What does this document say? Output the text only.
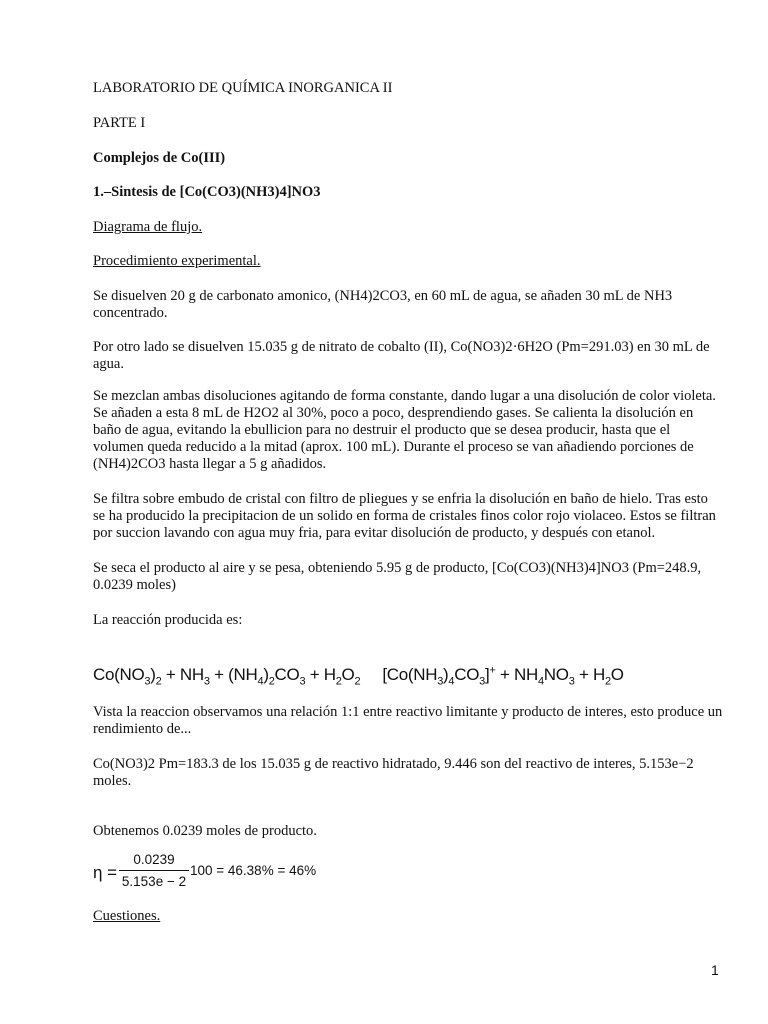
LABORATORIO DE QUÍMICA INORGANICA II

PARTE I

Complejos de Co(III)

1.–Sintesis de [Co(CO3)(NH3)4]NO3

Diagrama de flujo.

Procedimiento experimental.

Se disuelven 20 g de carbonato amonico, (NH4)2CO3, en 60 mL de agua, se añaden 30 mL de NH3 concentrado.

Por otro lado se disuelven 15.035 g de nitrato de cobalto (II), Co(NO3)2·6H2O (Pm=291.03) en 30 mL de agua.

Se mezclan ambas disoluciones agitando de forma constante, dando lugar a una disolución de color violeta. Se añaden a esta 8 mL de H2O2 al 30%, poco a poco, desprendiendo gases. Se calienta la disolución en baño de agua, evitando la ebullicion para no destruir el producto que se desea producir, hasta que el volumen queda reducido a la mitad (aprox. 100 mL). Durante el proceso se van añadiendo porciones de (NH4)2CO3 hasta llegar a 5 g añadidos.

Se filtra sobre embudo de cristal con filtro de pliegues y se enfria la disolución en baño de hielo. Tras esto se ha producido la precipitacion de un solido en forma de cristales finos color rojo violaceo. Estos se filtran por succion lavando con agua muy fria, para evitar disolución de producto, y después con etanol.

Se seca el producto al aire y se pesa, obteniendo 5.95 g de producto, [Co(CO3)(NH3)4]NO3 (Pm=248.9, 0.0239 moles)

La reacción producida es:

$Co(NO_3)_2 + NH_3 + (NH_4)_2CO_3 + H_2O_2$ $[Co(NH_3)_4CO_3]^+ + NH_4NO_3 + H_2O$

Vista la reaccion observamos una relación 1:1 entre reactivo limitante y producto de interes, esto produce un rendimiento de...

Co(NO3)2 Pm=183.3 de los 15.035 g de reactivo hidratado, 9.446 son del reactivo de interes, 5.153e−2 moles.

Obtenemos 0.0239 moles de producto.

η =
0.0239
5.153e − 2
100 = 46.38% = 46%

Cuestiones.

1
